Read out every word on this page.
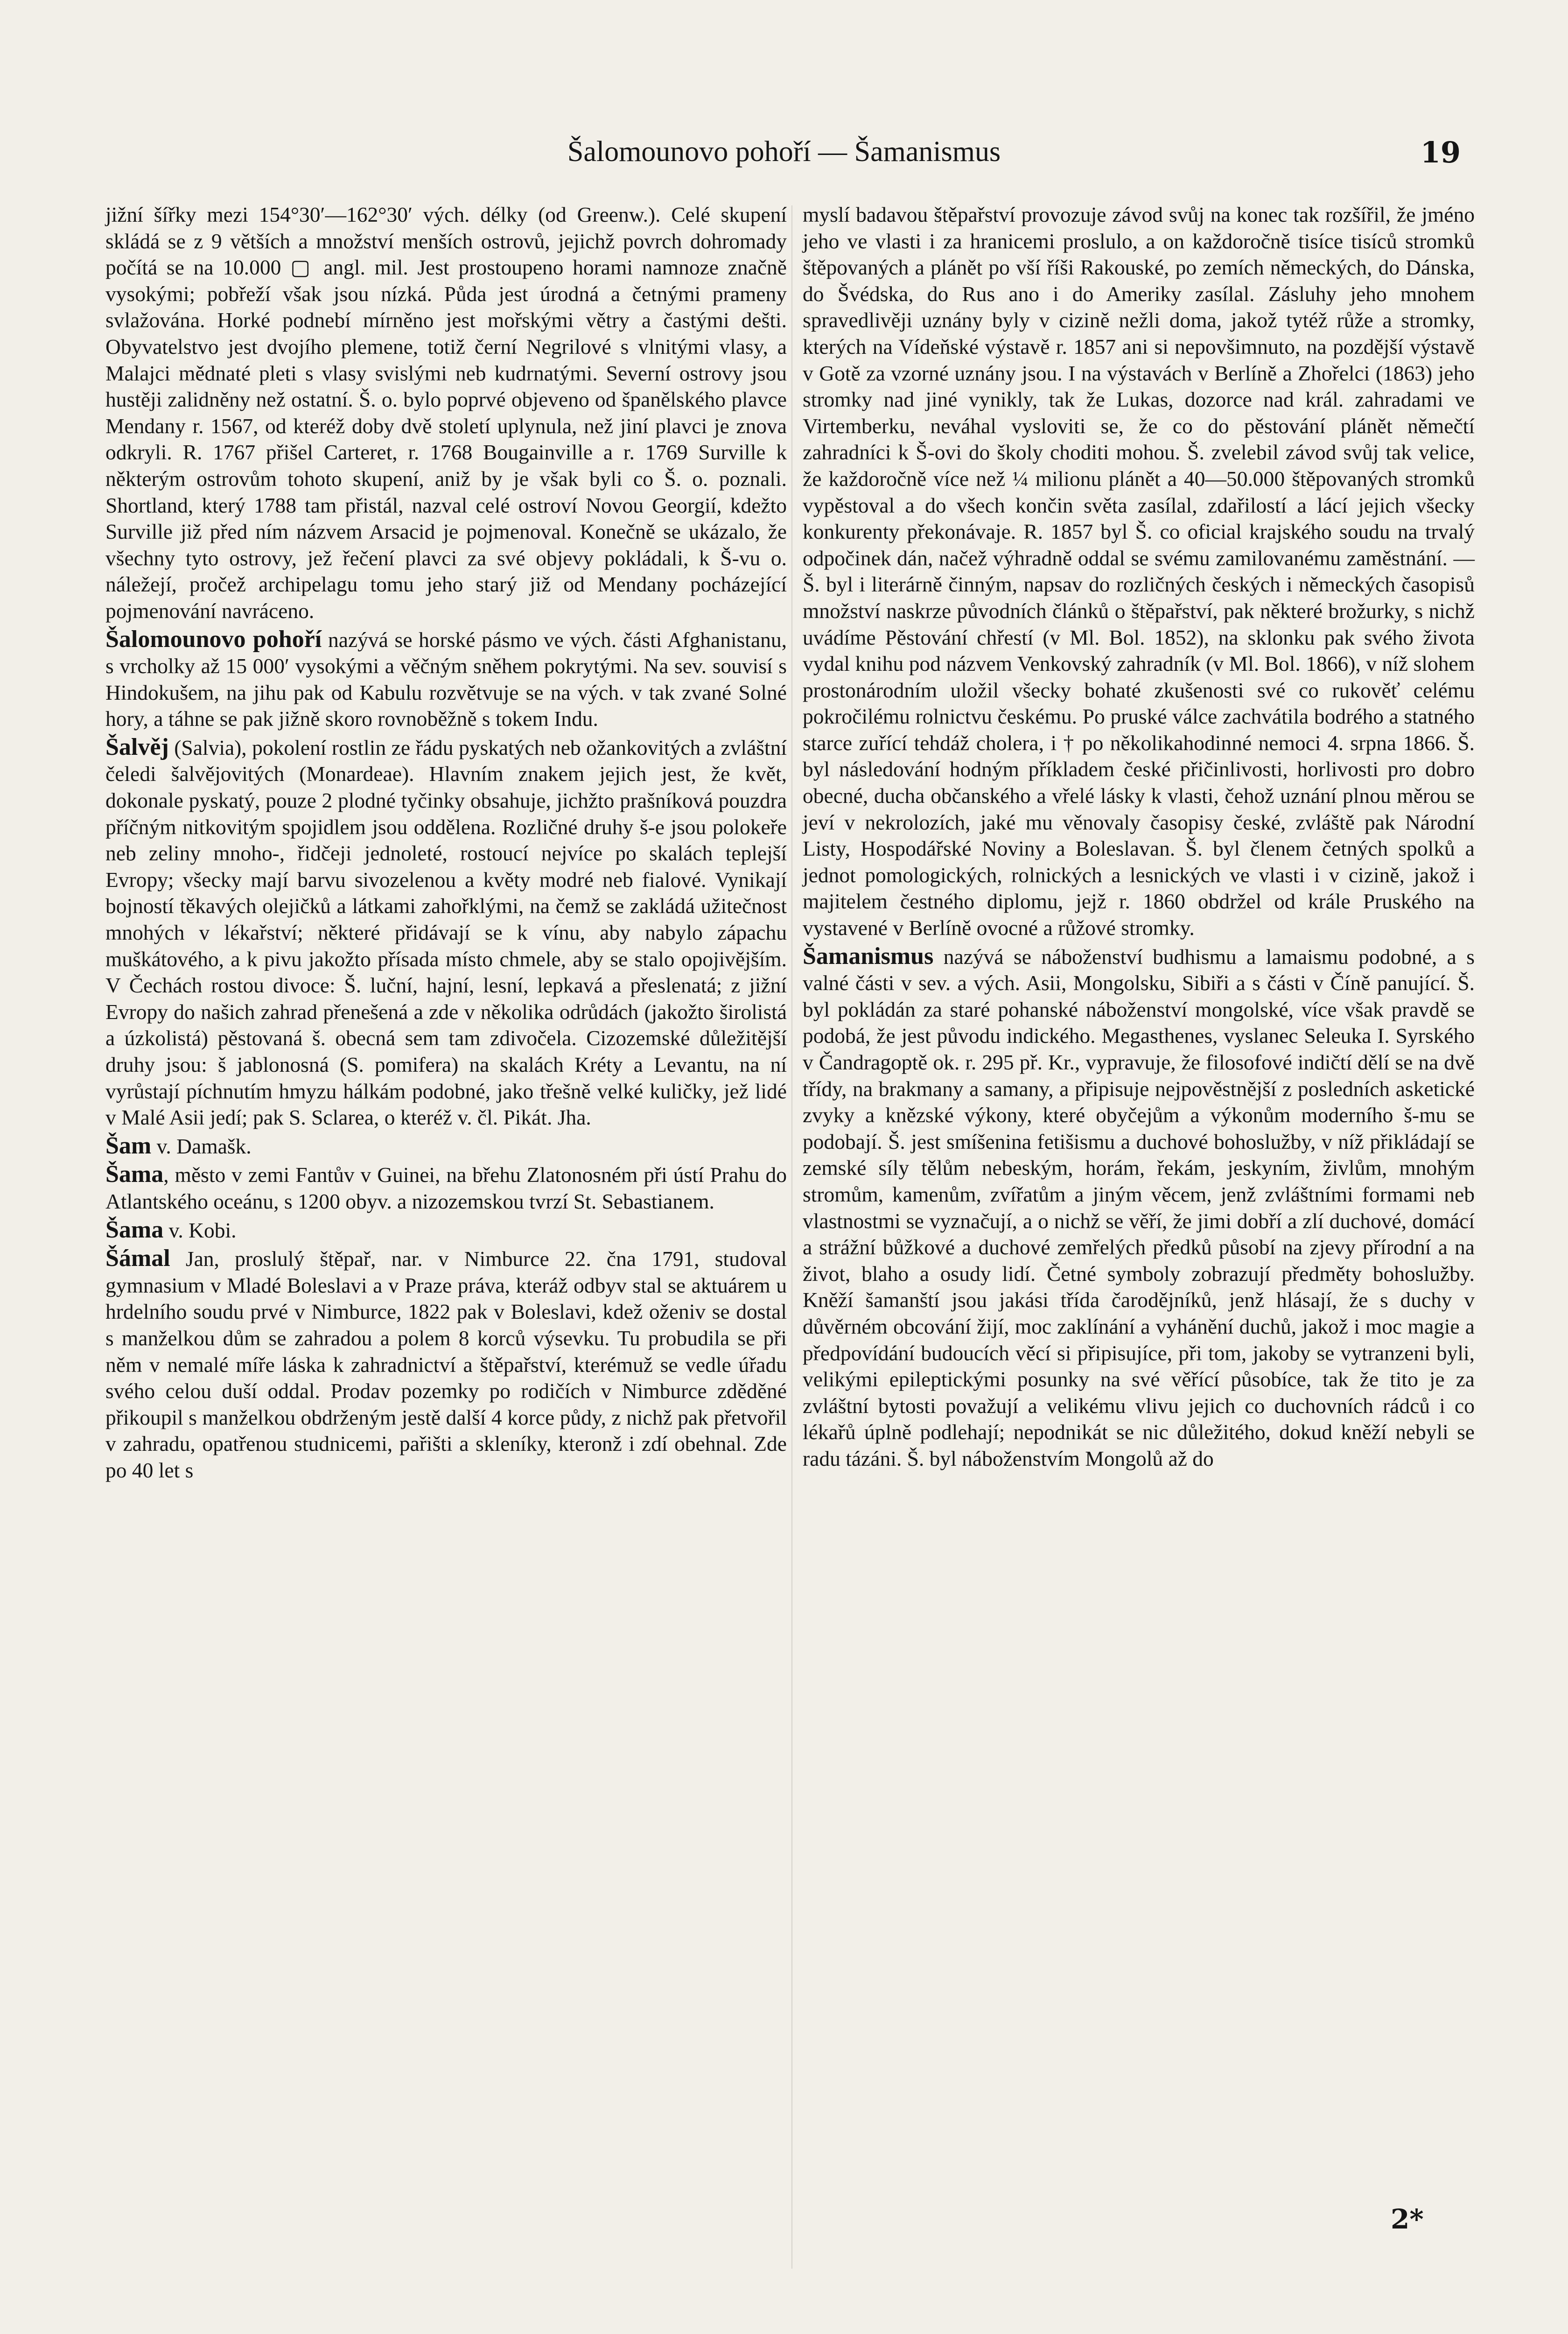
Šalomounovo pohoří — Šamanismus	19

jižní šířky mezi 154°30′—162°30′ vých. délky (od Greenw.). Celé skupení skládá se z 9 větších a množství menších ostrovů, jejichž povrch dohromady počítá se na 10.000 ▢ angl. mil. Jest prostoupeno horami namnoze značně vysokými; pobřeží však jsou nízká. Půda jest úrodná a četnými prameny svlažována. Horké podnebí mírněno jest mořskými větry a častými dešti. Obyvatelstvo jest dvojího plemene, totiž černí Negrilové s vlnitými vlasy, a Malajci mědnaté pleti s vlasy svislými neb kudrnatými. Severní ostrovy jsou hustěji zalidněny než ostatní. Š. o. bylo poprvé objeveno od španělského plavce Mendany r. 1567, od kteréž doby dvě století uplynula, než jiní plavci je znova odkryli. R. 1767 přišel Carteret, r. 1768 Bougainville a r. 1769 Surville k některým ostrovům tohoto skupení, aniž by je však byli co Š. o. poznali. Shortland, který 1788 tam přistál, nazval celé ostroví Novou Georgií, kdežto Surville již před ním názvem Arsacid je pojmenoval. Konečně se ukázalo, že všechny tyto ostrovy, jež řečení plavci za své objevy pokládali, k Š-vu o. náležejí, pročež archipelagu tomu jeho starý již od Mendany pocházející pojmenování navráceno.

Šalomounovo pohoří nazývá se horské pásmo ve vých. části Afghanistanu, s vrcholky až 15 000′ vysokými a věčným sněhem pokrytými. Na sev. souvisí s Hindokušem, na jihu pak od Kabulu rozvětvuje se na vých. v tak zvané Solné hory, a táhne se pak jižně skoro rovnoběžně s tokem Indu.

Šalvěj (Salvia), pokolení rostlin ze řádu pyskatých neb ožankovitých a zvláštní čeledi šalvějovitých (Monardeae). Hlavním znakem jejich jest, že květ, dokonale pyskatý, pouze 2 plodné tyčinky obsahuje, jichžto prašníková pouzdra příčným nitkovitým spojidlem jsou oddělena. Rozličné druhy š-e jsou polokeře neb zeliny mnoho-, řidčeji jednoleté, rostoucí nejvíce po skalách teplejší Evropy; všecky mají barvu sivozelenou a květy modré neb fialové. Vynikají bojností těkavých olejičků a látkami zahořklými, na čemž se zakládá užitečnost mnohých v lékařství; některé přidávají se k vínu, aby nabylo zápachu muškátového, a k pivu jakožto přísada místo chmele, aby se stalo opojivějším. V Čechách rostou divoce: Š. luční, hajní, lesní, lepkavá a přeslenatá; z jižní Evropy do našich zahrad přenešená a zde v několika odrůdách (jakožto širolistá a úzkolistá) pěstovaná š. obecná sem tam zdivočela. Cizozemské důležitější druhy jsou: š jablonosná (S. pomifera) na skalách Kréty a Levantu, na ní vyrůstají píchnutím hmyzu hálkám podobné, jako třešně velké kuličky, jež lidé v Malé Asii jedí; pak S. Sclarea, o kteréž v. čl. Pikát. Jha.

Šam v. Damašk.

Šama, město v zemi Fantův v Guinei, na břehu Zlatonosném při ústí Prahu do Atlantského oceánu, s 1200 obyv. a nizozemskou tvrzí St. Sebastianem.

Šama v. Kobi.

Šámal Jan, proslulý štěpař, nar. v Nimburce 22. čna 1791, studoval gymnasium v Mladé Boleslavi a v Praze práva, kteráž odbyv stal se aktuárem u hrdelního soudu prvé v Nimburce, 1822 pak v Boleslavi, kdež oženiv se dostal s manželkou dům se zahradou a polem 8 korců výsevku. Tu probudila se při něm v nemalé míře láska k zahradnictví a štěpařství, kterémuž se vedle úřadu svého celou duší oddal. Prodav pozemky po rodičích v Nimburce zděděné přikoupil s manželkou obdrženým jestě další 4 korce půdy, z nichž pak přetvořil v zahradu, opatřenou studnicemi, pařišti a skleníky, kteronž i zdí obehnal. Zde po 40 let s

myslí badavou štěpařství provozuje závod svůj na konec tak rozšířil, že jméno jeho ve vlasti i za hranicemi proslulo, a on každoročně tisíce tisíců stromků štěpovaných a plánět po vší říši Rakouské, po zemích německých, do Dánska, do Švédska, do Rus ano i do Ameriky zasílal. Zásluhy jeho mnohem spravedlivěji uznány byly v cizině nežli doma, jakož tytéž růže a stromky, kterých na Vídeňské výstavě r. 1857 ani si nepovšimnuto, na pozdější výstavě v Gotě za vzorné uznány jsou. I na výstavách v Berlíně a Zhořelci (1863) jeho stromky nad jiné vynikly, tak že Lukas, dozorce nad král. zahradami ve Virtemberku, neváhal vysloviti se, že co do pěstování plánět němečtí zahradníci k Š-ovi do školy choditi mohou. Š. zvelebil závod svůj tak velice, že každoročně více než ¼ milionu plánět a 40—50.000 štěpovaných stromků vypěstoval a do všech končin světa zasílal, zdařilostí a lácí jejich všecky konkurenty překonávaje. R. 1857 byl Š. co oficial krajského soudu na trvalý odpočinek dán, načež výhradně oddal se svému zamilovanému zaměstnání. — Š. byl i literárně činným, napsav do rozličných českých i německých časopisů množství naskrze původních článků o štěpařství, pak některé brožurky, s nichž uvádíme Pěstování chřestí (v Ml. Bol. 1852), na sklonku pak svého života vydal knihu pod názvem Venkovský zahradník (v Ml. Bol. 1866), v níž slohem prostonárodním uložil všecky bohaté zkušenosti své co rukověť celému pokročilému rolnictvu českému. Po pruské válce zachvátila bodrého a statného starce zuřící tehdáž cholera, i † po několikahodinné nemoci 4. srpna 1866. Š. byl následování hodným příkladem české přičinlivosti, horlivosti pro dobro obecné, ducha občanského a vřelé lásky k vlasti, čehož uznání plnou měrou se jeví v nekrolozích, jaké mu věnovaly časopisy české, zvláště pak Národní Listy, Hospodářské Noviny a Boleslavan. Š. byl členem četných spolků a jednot pomologických, rolnických a lesnických ve vlasti i v cizině, jakož i majitelem čestného diplomu, jejž r. 1860 obdržel od krále Pruského na vystavené v Berlíně ovocné a růžové stromky.

Šamanismus nazývá se náboženství budhismu a lamaismu podobné, a s valné části v sev. a vých. Asii, Mongolsku, Sibiři a s části v Číně panující. Š. byl pokládán za staré pohanské náboženství mongolské, více však pravdě se podobá, že jest původu indického. Megasthenes, vyslanec Seleuka I. Syrského v Čandragoptě ok. r. 295 př. Kr., vypravuje, že filosofové indičtí dělí se na dvě třídy, na brakmany a samany, a připisuje nejpověstnější z posledních asketické zvyky a knězské výkony, které obyčejům a výkonům moderního š-mu se podobají. Š. jest smíšenina fetišismu a duchové bohoslužby, v níž přikládají se zemské síly tělům nebeským, horám, řekám, jeskyním, živlům, mnohým stromům, kamenům, zvířatům a jiným věcem, jenž zvláštními formami neb vlastnostmi se vyznačují, a o nichž se věří, že jimi dobří a zlí duchové, domácí a strážní bůžkové a duchové zemřelých předků působí na zjevy přírodní a na život, blaho a osudy lidí. Četné symboly zobrazují předměty bohoslužby. Kněží šamanští jsou jakási třída čarodějníků, jenž hlásají, že s duchy v důvěrném obcování žijí, moc zaklínání a vyhánění duchů, jakož i moc magie a předpovídání budoucích věcí si připisujíce, při tom, jakoby se vytranzeni byli, velikými epileptickými posunky na své věřící působíce, tak že tito je za zvláštní bytosti považují a velikému vlivu jejich co duchovních rádců i co lékařů úplně podlehají; nepodnikát se nic důležitého, dokud kněží nebyli se radu tázáni. Š. byl náboženstvím Mongolů až do

2*
